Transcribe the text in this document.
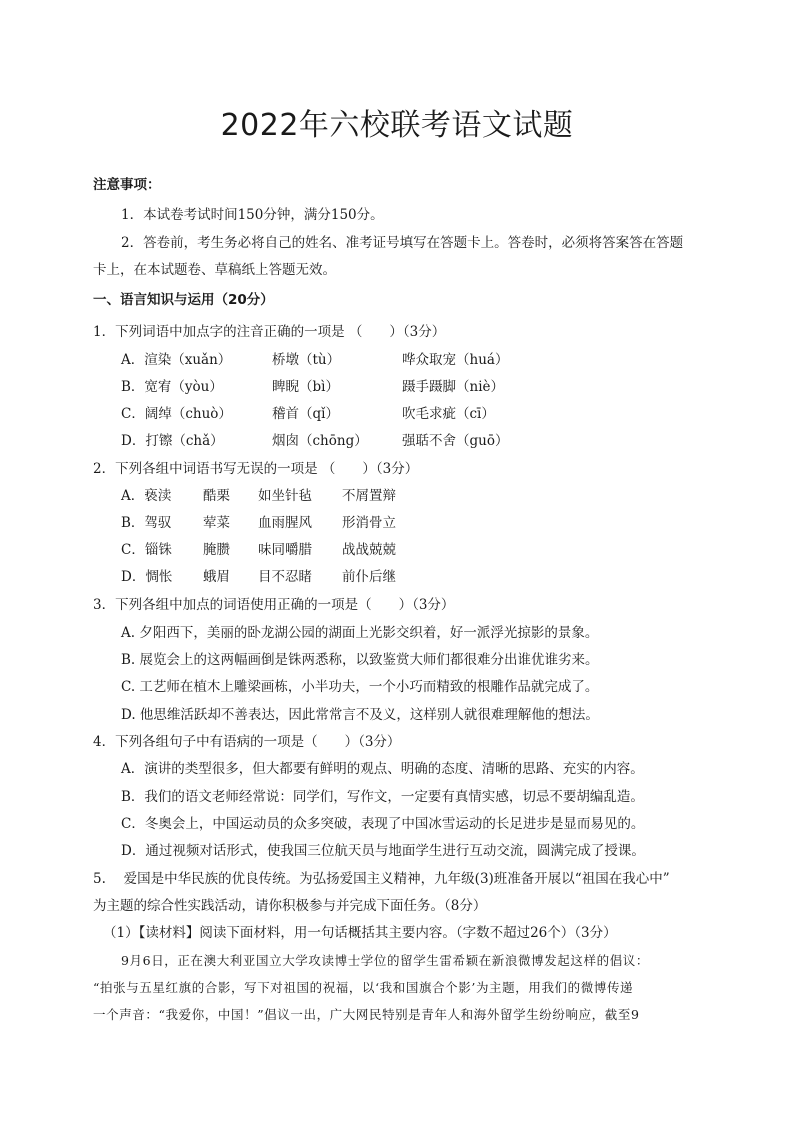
2022年六校联考语文试题
注意事项：
1．本试卷考试时间150分钟，满分150分。
2．答卷前，考生务必将自己的姓名、准考证号填写在答题卡上。答卷时，必须将答案答在答题
卡上，在本试题卷、草稿纸上答题无效。
一、语言知识与运用（20分）
1．下列词语中加点字的注音正确的一项是 （　　）（3分）
A．渲染（xuǎn）	桥墩（tù）	哗众取宠（huá）
B．宽宥（yòu）	睥睨（bì）	蹑手蹑脚（niè）
C．阔绰（chuò）	稽首（qǐ）	吹毛求疵（cī）
D．打镲（chǎ）	烟囱（chōng）	强聒不舍（guō）
2．下列各组中词语书写无误的一项是 （　　）（3分）
A．亵渎 酷栗 如坐针毡 不屑置辩
B．驾驭 荤菜 血雨腥风 形消骨立
C．锱铢 腌臜 味同嚼腊 战战兢兢
D．惆怅 蛾眉 目不忍睹 前仆后继
3．下列各组中加点的词语使用正确的一项是（　　）（3分）
A. 夕阳西下，美丽的卧龙湖公园的湖面上光影交织着，好一派浮光掠影的景象。
B. 展览会上的这两幅画倒是铢两悉称，以致鉴赏大师们都很难分出谁优谁劣来。
C. 工艺师在植木上雕梁画栋，小半功夫，一个小巧而精致的根雕作品就完成了。
D. 他思维活跃却不善表达，因此常常言不及义，这样别人就很难理解他的想法。
4．下列各组句子中有语病的一项是（　　）（3分）
A．演讲的类型很多，但大都要有鲜明的观点、明确的态度、清晰的思路、充实的内容。
B．我们的语文老师经常说：同学们，写作文，一定要有真情实感，切忌不要胡编乱造。
C．冬奥会上，中国运动员的众多突破，表现了中国冰雪运动的长足进步是显而易见的。
D．通过视频对话形式，使我国三位航天员与地面学生进行互动交流，圆满完成了授课。
5.　 爱国是中华民族的优良传统。为弘扬爱国主义精神，九年级(3)班准备开展以“祖国在我心中”
为主题的综合性实践活动，请你积极参与并完成下面任务。（8分）
（1）【读材料】阅读下面材料，用一句话概括其主要内容。（字数不超过26个）（3分）
9月6日，正在澳大利亚国立大学攻读博士学位的留学生雷希颖在新浪微博发起这样的倡议：
“拍张与五星红旗的合影，写下对祖国的祝福，以‘我和国旗合个影’为主题，用我们的微博传递
一个声音：“我爱你，中国！”倡议一出，广大网民特别是青年人和海外留学生纷纷响应，截至9
